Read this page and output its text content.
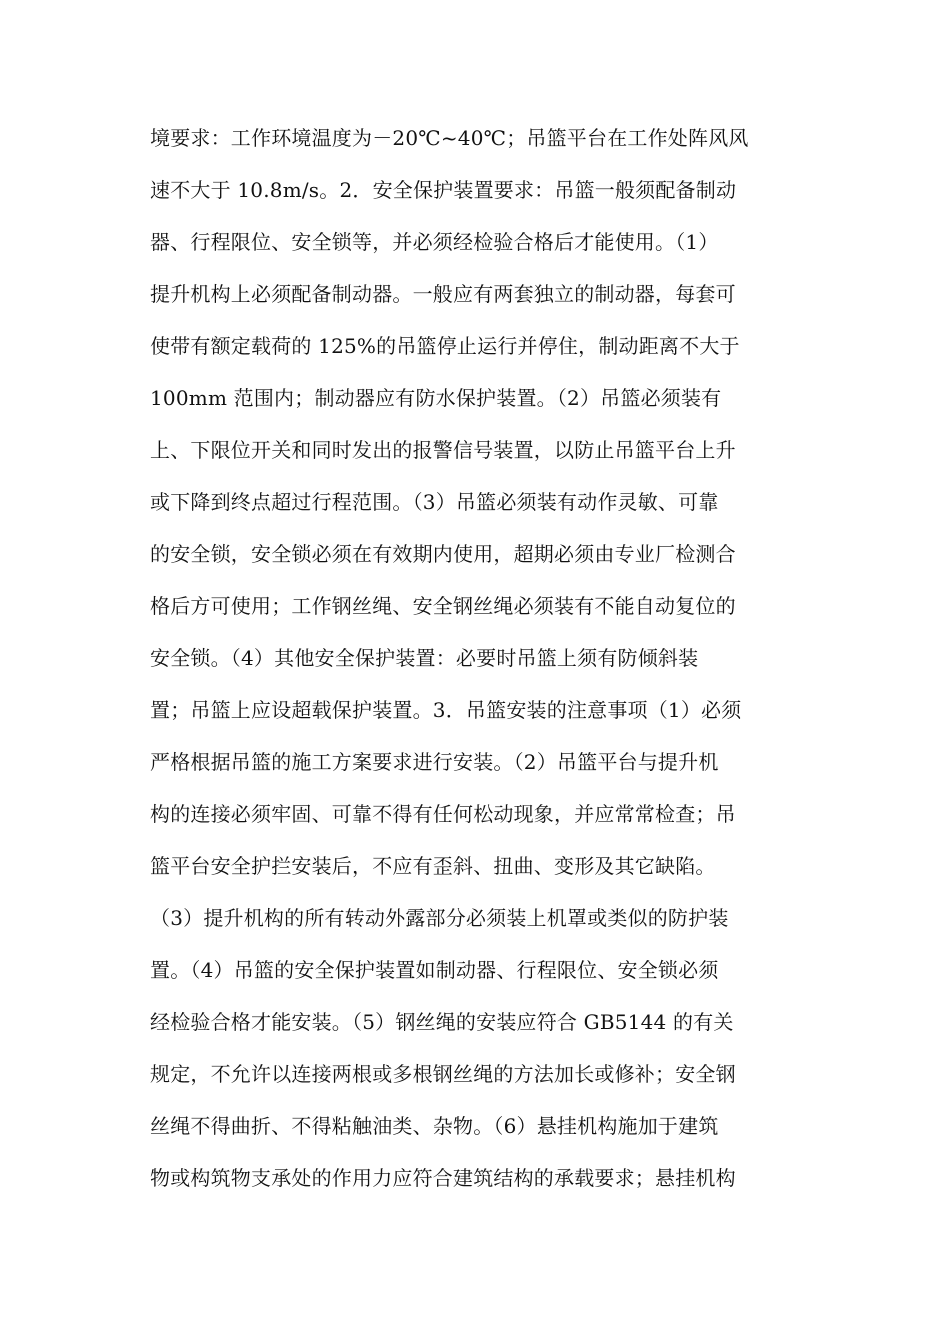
境要求：工作环境温度为－20℃~40℃；吊篮平台在工作处阵风风
速不大于 10.8m/s。2．安全保护装置要求：吊篮一般须配备制动
器、行程限位、安全锁等，并必须经检验合格后才能使用。（1）
提升机构上必须配备制动器。一般应有两套独立的制动器，每套可
使带有额定载荷的 125%的吊篮停止运行并停住，制动距离不大于
100mm 范围内；制动器应有防水保护装置。（2）吊篮必须装有
上、下限位开关和同时发出的报警信号装置，以防止吊篮平台上升
或下降到终点超过行程范围。（3）吊篮必须装有动作灵敏、可靠
的安全锁，安全锁必须在有效期内使用，超期必须由专业厂检测合
格后方可使用；工作钢丝绳、安全钢丝绳必须装有不能自动复位的
安全锁。（4）其他安全保护装置：必要时吊篮上须有防倾斜装
置；吊篮上应设超载保护装置。3．吊篮安装的注意事项（1）必须
严格根据吊篮的施工方案要求进行安装。（2）吊篮平台与提升机
构的连接必须牢固、可靠不得有任何松动现象，并应常常检查；吊
篮平台安全护拦安装后，不应有歪斜、扭曲、变形及其它缺陷。
（3）提升机构的所有转动外露部分必须装上机罩或类似的防护装
置。（4）吊篮的安全保护装置如制动器、行程限位、安全锁必须
经检验合格才能安装。（5）钢丝绳的安装应符合 GB5144 的有关
规定，不允许以连接两根或多根钢丝绳的方法加长或修补；安全钢
丝绳不得曲折、不得粘触油类、杂物。（6）悬挂机构施加于建筑
物或构筑物支承处的作用力应符合建筑结构的承载要求；悬挂机构
